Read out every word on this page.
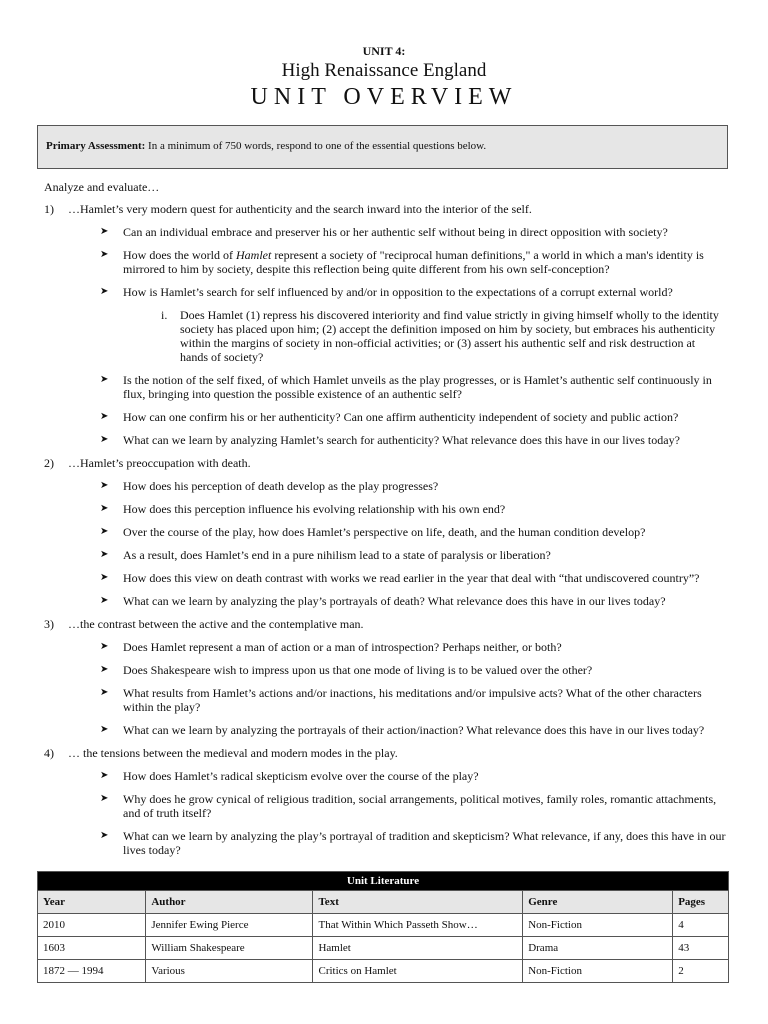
UNIT 4:
High Renaissance England
UNIT OVERVIEW
Primary Assessment: In a minimum of 750 words, respond to one of the essential questions below.
Analyze and evaluate…
1) …Hamlet’s very modern quest for authenticity and the search inward into the interior of the self.
➤ Can an individual embrace and preserver his or her authentic self without being in direct opposition with society?
➤ How does the world of Hamlet represent a society of "reciprocal human definitions," a world in which a man's identity is mirrored to him by society, despite this reflection being quite different from his own self-conception?
➤ How is Hamlet’s search for self influenced by and/or in opposition to the expectations of a corrupt external world?
i. Does Hamlet (1) repress his discovered interiority and find value strictly in giving himself wholly to the identity society has placed upon him; (2) accept the definition imposed on him by society, but embraces his authenticity within the margins of society in non-official activities; or (3) assert his authentic self and risk destruction at hands of society?
➤ Is the notion of the self fixed, of which Hamlet unveils as the play progresses, or is Hamlet’s authentic self continuously in flux, bringing into question the possible existence of an authentic self?
➤ How can one confirm his or her authenticity? Can one affirm authenticity independent of society and public action?
➤ What can we learn by analyzing Hamlet’s search for authenticity? What relevance does this have in our lives today?
2) …Hamlet’s preoccupation with death.
➤ How does his perception of death develop as the play progresses?
➤ How does this perception influence his evolving relationship with his own end?
➤ Over the course of the play, how does Hamlet’s perspective on life, death, and the human condition develop?
➤ As a result, does Hamlet’s end in a pure nihilism lead to a state of paralysis or liberation?
➤ How does this view on death contrast with works we read earlier in the year that deal with “that undiscovered country”?
➤ What can we learn by analyzing the play’s portrayals of death? What relevance does this have in our lives today?
3) …the contrast between the active and the contemplative man.
➤ Does Hamlet represent a man of action or a man of introspection? Perhaps neither, or both?
➤ Does Shakespeare wish to impress upon us that one mode of living is to be valued over the other?
➤ What results from Hamlet’s actions and/or inactions, his meditations and/or impulsive acts? What of the other characters within the play?
➤ What can we learn by analyzing the portrayals of their action/inaction? What relevance does this have in our lives today?
4) … the tensions between the medieval and modern modes in the play.
➤ How does Hamlet’s radical skepticism evolve over the course of the play?
➤ Why does he grow cynical of religious tradition, social arrangements, political motives, family roles, romantic attachments, and of truth itself?
➤ What can we learn by analyzing the play’s portrayal of tradition and skepticism? What relevance, if any, does this have in our lives today?
Unit Literature				
Year	Author	Text	Genre	Pages
2010	Jennifer Ewing Pierce	That Within Which Passeth Show…	Non-Fiction	4
1603	William Shakespeare	Hamlet	Drama	43
1872 — 1994	Various	Critics on Hamlet	Non-Fiction	2
